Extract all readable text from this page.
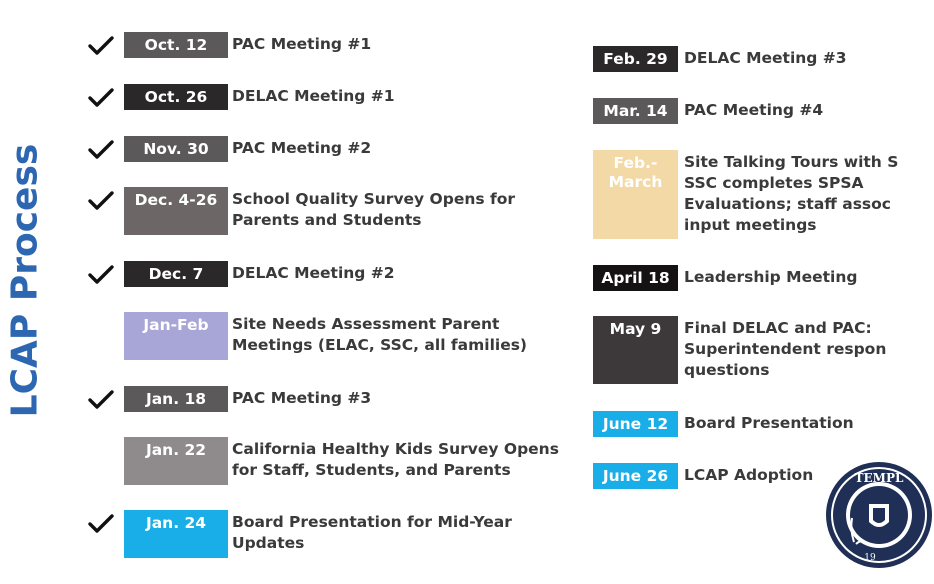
LCAP Process
Oct. 12 PAC Meeting #1
Oct. 26 DELAC Meeting #1
Nov. 30 PAC Meeting #2
Dec. 4-26 School Quality Survey Opens for
Parents and Students
Dec. 7 DELAC Meeting #2
Jan-Feb Site Needs Assessment Parent
Meetings (ELAC, SSC, all families)
Jan. 18 PAC Meeting #3
Jan. 22 California Healthy Kids Survey Opens
for Staff, Students, and Parents
Jan. 24 Board Presentation for Mid-Year
Updates
Feb. 29 DELAC Meeting #3
Mar. 14 PAC Meeting #4
Feb.-
March
Site Talking Tours with S
SSC completes SPSA
Evaluations; staff assoc
input meetings
April 18 Leadership Meeting
May 9 Final DELAC and PAC:
Superintendent respon
questions
June 12 Board Presentation
June 26 LCAP Adoption	TEMPL
19
